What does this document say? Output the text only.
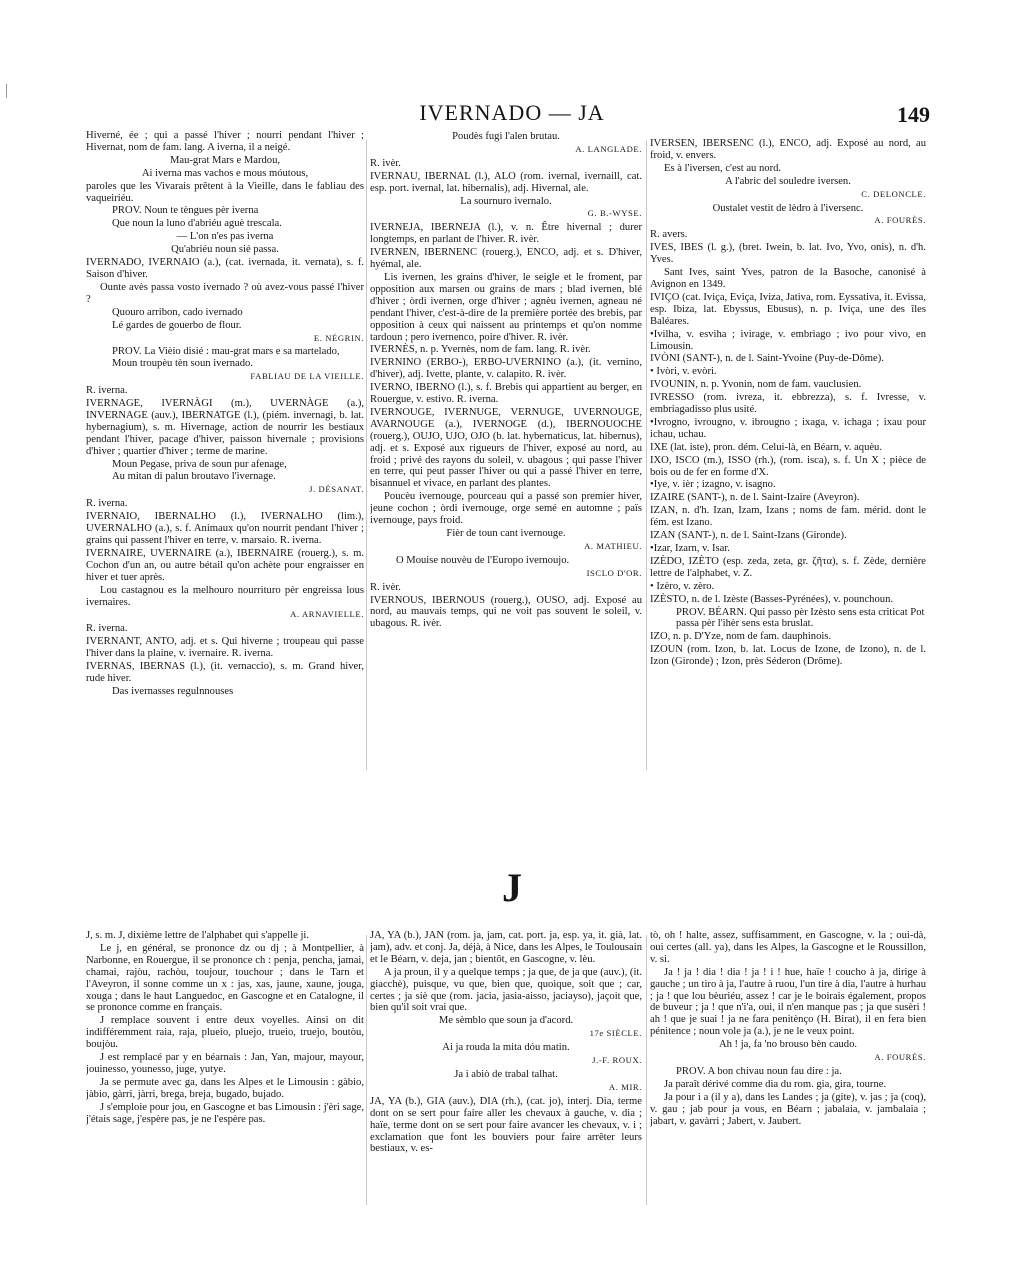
IVERNADO — JA	149

Hiverné, ée ; qui a passé l'hiver ; nourri pendant l'hiver ; Hivernat, nom de fam. lang. A iverna, il a neigé.

Mau-grat Mars e Mardou,

Ai iverna mas vachos e mous móutous,

paroles que les Vivarais prêtent à la Vieille, dans le fabliau des vaqueiriéu.

PROV. Noun te tèngues pèr iverna

Que noun la luno d'abriéu aguè trescala.

— L'on n'es pas iverna

Qu'abriéu noun sié passa.

IVERNADO, IVERNAIO (a.), (cat. ivernada, it. vernata), s. f. Saison d'hiver.

Ounte avès passa vosto ivernado ? où avez-vous passé l'hiver ?

Quouro arribon, cado ivernado

Lé gardes de gouerbo de flour.

E. NÉGRIN.

PROV. La Vièio disié : mau-grat mars e sa martelado, Moun troupèu tèn soun ivernado.

FABLIAU DE LA VIEILLE.

R. iverna.

IVERNAGE, IVERNÀGI (m.), UVERNÀGE (a.), INVERNAGE (auv.), IBERNATGE (l.), (piém. invernagi, b. lat. hybernagium), s. m. Hivernage, action de nourrir les bestiaux pendant l'hiver, pacage d'hiver, paisson hivernale ; provisions d'hiver ; quartier d'hiver ; terme de marine.

Moun Pegase, priva de soun pur afenage,

Au mitan di palun broutavo l'ivernage.

J. DÉSANAT.

R. iverna.

IVERNAIO, IBERNALHO (l.), IVERNALHO (lim.), UVERNALHO (a.), s. f. Animaux qu'on nourrit pendant l'hiver ; grains qui passent l'hiver en terre, v. marsaio. R. iverna.

IVERNAIRE, UVERNAIRE (a.), IBERNAIRE (rouerg.), s. m. Cochon d'un an, ou autre bétail qu'on achète pour engraisser en hiver et tuer après.

Lou castagnou es la melhouro nourrituro pèr engreissa lous ivernaires.

A. ARNAVIELLE.

R. iverna.

IVERNANT, ANTO, adj. et s. Qui hiverne ; troupeau qui passe l'hiver dans la plaine, v. ivernaire. R. iverna.

IVERNAS, IBERNAS (l.), (it. vernaccio), s. m. Grand hiver, rude hiver.

Das ivernasses regulnnouses

Poudès fugi l'alen brutau.

A. LANGLADE.

R. ivèr.

IVERNAU, IBERNAL (l.), ALO (rom. ivernal, ivernaill, cat. esp. port. ivernal, lat. hibernalis), adj. Hivernal, ale.

La sournuro ivernalo.

G. B.-WYSE.

IVERNEJA, IBERNEJA (l.), v. n. Être hivernal ; durer longtemps, en parlant de l'hiver. R. ivèr.

IVERNEN, IBERNENC (rouerg.), ENCO, adj. et s. D'hiver, hyémal, ale.

Lis ivernen, les grains d'hiver, le seigle et le froment, par opposition aux marsen ou grains de mars ; blad ivernen, blé d'hiver ; òrdi ivernen, orge d'hiver ; agnèu ivernen, agneau né pendant l'hiver, c'est-à-dire de la première portée des brebis, par opposition à ceux qui naissent au printemps et qu'on nomme tardoun ; pero ivernenco, poire d'hiver. R. ivèr.

IVERNÈS, n. p. Yvernès, nom de fam. lang. R. ivèr.

IVERNINO (ERBO-), ERBO-UVERNINO (a.), (it. vernino, d'hiver), adj. Ivette, plante, v. calapito. R. ivèr.

IVERNO, IBERNO (l.), s. f. Brebis qui appartient au berger, en Rouergue, v. estivo. R. iverna.

IVERNOUGE, IVERNUGE, VERNUGE, UVERNOUGE, AVARNOUGE (a.), IVERNOGE (d.), IBERNOUOCHE (rouerg.), OUJO, UJO, OJO (b. lat. hybernaticus, lat. hibernus), adj. et s. Exposé aux rigueurs de l'hiver, exposé au nord, au froid ; privé des rayons du soleil, v. ubagous ; qui passe l'hiver en terre, qui peut passer l'hiver ou qui a passé l'hiver en terre, bisannuel et vivace, en parlant des plantes.

Poucèu ivernouge, pourceau qui a passé son premier hiver, jeune cochon ; òrdi ivernouge, orge semé en automne ; païs ivernouge, pays froid.

Fièr de toun cant ivernouge.

A. MATHIEU.

O Mouise nouvèu de l'Europo ivernoujo.

ISCLO D'OR.

R. ivèr.

IVERNOUS, IBERNOUS (rouerg.), OUSO, adj. Exposé au nord, au mauvais temps, qui ne voit pas souvent le soleil, v. ubagous. R. ivèr.

IVERSEN, IBERSENC (l.), ENCO, adj. Exposé au nord, au froid, v. envers.

Es à l'iversen, c'est au nord.

A l'abric del souledre iversen.

C. DELONCLE.

Oustalet vestit de lèdro à l'iversenc.

A. FOURÈS.

R. avers.

IVES, IBES (l. g.), (bret. Iwein, b. lat. Ivo, Yvo, onis), n. d'h. Yves.

Sant Ives, saint Yves, patron de la Basoche, canonisé à Avignon en 1349.

IVIÇO (cat. Iviça, Eviça, Iviza, Jativa, rom. Eyssativa, it. Evissa, esp. Ibiza, lat. Ebyssus, Ebusus), n. p. Iviça, une des îles Baléares.

•Ivilha, v. esviha ; ivirage, v. embriago ; ivo pour vivo, en Limousin.

IVÒNI (SANT-), n. de l. Saint-Yvoine (Puy-de-Dôme).

• Ivòri, v. evòri.

IVOUNIN, n. p. Yvonin, nom de fam. vauclusien.

IVRESSO (rom. ivreza, it. ebbrezza), s. f. Ivresse, v. embriagadisso plus usité.

•Ivrogno, ivrougno, v. ibrougno ; ixaga, v. ichaga ; ixau pour ichau, uchau.

IXE (lat. iste), pron. dém. Celui-là, en Béarn, v. aquèu.

IXO, ISCO (m.), ISSO (rh.), (rom. isca), s. f. Un X ; pièce de bois ou de fer en forme d'X.

•Iye, v. ièr ; izagno, v. isagno.

IZAIRE (SANT-), n. de l. Saint-Izaire (Aveyron).

IZAN, n. d'h. Izan, Izam, Izans ; noms de fam. mérid. dont le fém. est Izano.

IZAN (SANT-), n. de l. Saint-Izans (Gironde).

•Izar, Izarn, v. Isar.

IZÈDO, IZÈTO (esp. zeda, zeta, gr. ζῆτα), s. f. Zède, dernière lettre de l'alphabet, v. Z.

• Izèro, v. zèro.

IZÈSTO, n. de l. Izèste (Basses-Pyrénées), v. pounchoun.

PROV. BÉARN. Qui passo pèr Izèsto sens esta criticat Pot passa pèr l'ihèr sens esta bruslat.

IZO, n. p. D'Yze, nom de fam. dauphinois.

IZOUN (rom. Izon, b. lat. Locus de Izone, de Izono), n. de l. Izon (Gironde) ; Izon, près Séderon (Drôme).

J

J, s. m. J, dixième lettre de l'alphabet qui s'appelle ji.

Le j, en général, se prononce dz ou dj ; à Montpellier, à Narbonne, en Rouergue, il se prononce ch : penja, pencha, jamai, chamai, rajòu, rachòu, toujour, touchour ; dans le Tarn et l'Aveyron, il sonne comme un x : jas, xas, jaune, xaune, jouga, xouga ; dans le haut Languedoc, en Gascogne et en Catalogne, il se prononce comme en français.

J remplace souvent i entre deux voyelles. Ainsi on dit indifféremment raia, raja, plueio, pluejo, trueio, truejo, boutòu, boujòu.

J est remplacé par y en béarnais : Jan, Yan, majour, mayour, jouinesso, younesso, juge, yutye.

Ja se permute avec ga, dans les Alpes et le Limousin : gàbio, jàbio, gàrri, jàrri, brega, breja, bugado, bujado.

J s'emploie pour jou, en Gascogne et bas Limousin : j'èri sage, j'étais sage, j'espère pas, je ne l'espère pas.

JA, YA (b.), JAN (rom. ja, jam, cat. port. ja, esp. ya, it. già, lat. jam), adv. et conj. Ja, déjà, à Nice, dans les Alpes, le Toulousain et le Béarn, v. deja, jan ; bientôt, en Gascogne, v. lèu.

A ja proun, il y a quelque temps ; ja que, de ja que (auv.), (it. giacchè), puisque, vu que, bien que, quoique, soit que ; car, certes ; ja siè que (rom. jacia, jasia-aisso, jaciayso), jaçoit que, bien qu'il soit vrai que.

Me sèmblo que soun ja d'acord.

17e SIÈCLE.

Ai ja rouda la mita dóu matin.

J.-F. ROUX.

Ja i abiò de trabal talhat.

A. MIR.

JA, YA (b.), GIA (auv.), DIA (rh.), (cat. jo), interj. Dia, terme dont on se sert pour faire aller les chevaux à gauche, v. dia ; haïe, terme dont on se sert pour faire avancer les chevaux, v. i ; exclamation que font les bouviers pour faire arrêter leurs bestiaux, v. es-

tò, oh ! halte, assez, suffisamment, en Gascogne, v. la ; oui-dà, oui certes (all. ya), dans les Alpes, la Gascogne et le Roussillon, v. si.

Ja ! ja ! dia ! dia ! ja ! i ! hue, haïe ! coucho à ja, dirige à gauche ; un tiro à ja, l'autre à ruou, l'un tire à dia, l'autre à hurhau ; ja ! que lou bèuriéu, assez ! car je le boirais également, propos de buveur ; ja ! que n'i'a, oui, il n'en manque pas ; ja que susèri ! ah ! que je suai ! ja ne fara penitènço (H. Birat), il en fera bien pénitence ; noun vole ja (a.), je ne le veux point.

Ah ! ja, fa 'no brouso bèn caudo.

A. FOURÈS.

PROV. A bon chivau noun fau dire : ja.

Ja paraît dérivé comme dia du rom. gia, gira, tourne.

Ja pour i a (il y a), dans les Landes ; ja (gite), v. jas ; ja (coq), v. gau ; jab pour ja vous, en Béarn ; jabalaia, v. jambalaia ; jabart, v. gavàrri ; Jabert, v. Jaubert.
